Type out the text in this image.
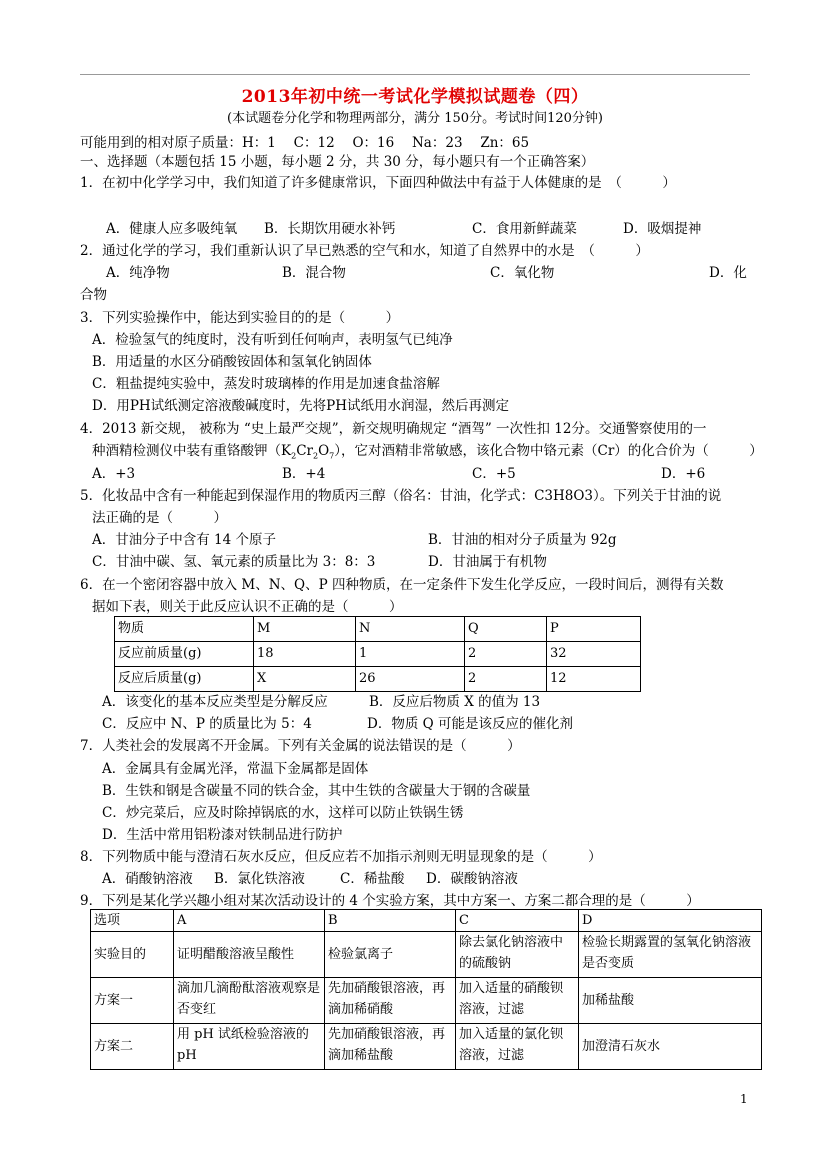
2013年初中统一考试化学模拟试题卷（四）
(本试题卷分化学和物理两部分，满分 150分。考试时间120分钟)
可能用到的相对原子质量：H：1　 C：12　 O：16　 Na：23　 Zn：65
一、选择题（本题包括 15 小题，每小题 2 分，共 30 分，每小题只有一个正确答案）
1．在初中化学学习中，我们知道了许多健康常识，下面四种做法中有益于人体健康的是　（　　　）
A．健康人应多吸纯氧 B．长期饮用硬水补钙	C．食用新鲜蔬菜	D．吸烟提神
2．通过化学的学习，我们重新认识了早已熟悉的空气和水，知道了自然界中的水是　（　　　）
A．纯净物	B．混合物	C．氧化物	D．化
合物
3．下列实验操作中，能达到实验目的的是（　　　）
A．检验氢气的纯度时，没有听到任何响声，表明氢气已纯净
B．用适量的水区分硝酸铵固体和氢氧化钠固体
C．粗盐提纯实验中，蒸发时玻璃棒的作用是加速食盐溶解
D．用PH试纸测定溶液酸碱度时，先将PH试纸用水润湿，然后再测定
4．2013 新交规， 被称为 “史上最严交规”，新交规明确规定 “酒驾” 一次性扣 12分。交通警察使用的一
种酒精检测仪中装有重铬酸钾$(K_2Cr_2O_7)$，它对酒精非常敏感，该化合物中铬元素（Cr）的化合价为（　　　）
A．+3	B．+4	C．+5	D．+6
5．化妆品中含有一种能起到保湿作用的物质丙三醇（俗名：甘油，化学式：C3H8O3）。下列关于甘油的说
法正确的是（　　　）
A．甘油分子中含有 14 个原子	B．甘油的相对分子质量为 92g
C．甘油中碳、氢、氧元素的质量比为 3：8：3	D．甘油属于有机物
6．在一个密闭容器中放入 M、N、Q、P 四种物质，在一定条件下发生化学反应，一段时间后，测得有关数
据如下表，则关于此反应认识不正确的是（　　　）
物质	M	N	Q	P
反应前质量(g)	18	1	2	32
反应后质量(g)	X	26	2	12
A．该变化的基本反应类型是分解反应	B．反应后物质 X 的值为 13
C．反应中 N、P 的质量比为 5：4	D．物质 Q 可能是该反应的催化剂
7．人类社会的发展离不开金属。下列有关金属的说法错误的是（　　　）
A．金属具有金属光泽，常温下金属都是固体
B．生铁和钢是含碳量不同的铁合金，其中生铁的含碳量大于钢的含碳量
C．炒完菜后，应及时除掉锅底的水，这样可以防止铁锅生锈
D．生活中常用铝粉漆对铁制品进行防护
8．下列物质中能与澄清石灰水反应，但反应若不加指示剂则无明显现象的是（　　　）
A．硝酸钠溶液 B．氯化铁溶液	C．稀盐酸 D．碳酸钠溶液
9．下列是某化学兴趣小组对某次活动设计的 4 个实验方案，其中方案一、方案二都合理的是（　　　）
选项	A	B	C	D
实验目的	证明醋酸溶液呈酸性	检验氯离子	除去氯化钠溶液中的硫酸钠	检验长期露置的氢氧化钠溶液是否变质
方案一	滴加几滴酚酞溶液观察是否变红	先加硝酸银溶液，再滴加稀硝酸	加入适量的硝酸钡溶液，过滤	加稀盐酸
方案二	用 pH 试纸检验溶液的 pH	先加硝酸银溶液，再滴加稀盐酸	加入适量的氯化钡溶液，过滤	加澄清石灰水
1
